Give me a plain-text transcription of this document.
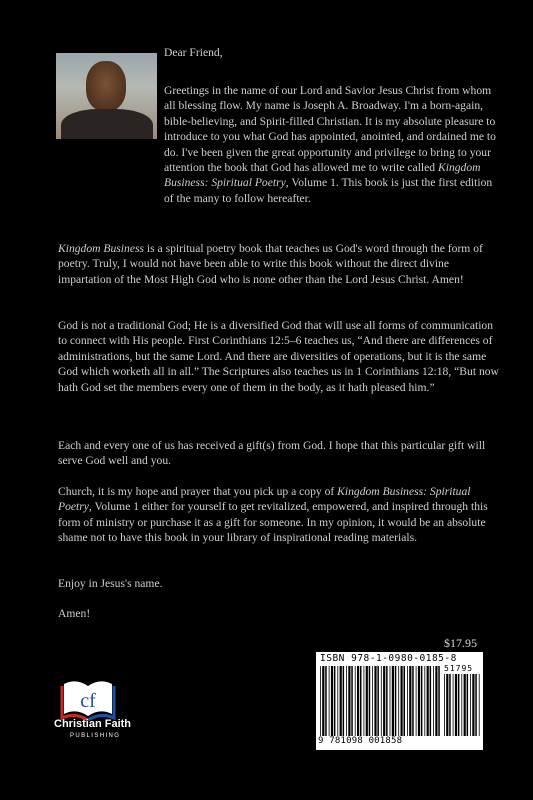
Dear Friend,
Greetings in the name of our Lord and Savior Jesus Christ from whom all blessing flow. My name is Joseph A. Broadway. I'm a born-again, bible-believing, and Spirit-filled Christian. It is my absolute pleasure to introduce to you what God has appointed, anointed, and ordained me to do. I've been given the great opportunity and privilege to bring to your attention the book that God has allowed me to write called Kingdom Business: Spiritual Poetry, Volume 1. This book is just the first edition of the many to follow hereafter.
Kingdom Business is a spiritual poetry book that teaches us God's word through the form of poetry. Truly, I would not have been able to write this book without the direct divine impartation of the Most High God who is none other than the Lord Jesus Christ. Amen!
God is not a traditional God; He is a diversified God that will use all forms of communication to connect with His people. First Corinthians 12:5–6 teaches us, “And there are differences of administrations, but the same Lord. And there are diversities of operations, but it is the same God which worketh all in all.” The Scriptures also teaches us in 1 Corinthians 12:18, “But now hath God set the members every one of them in the body, as it hath pleased him.”
Each and every one of us has received a gift(s) from God. I hope that this particular gift will serve God well and you.
Church, it is my hope and prayer that you pick up a copy of Kingdom Business: Spiritual Poetry, Volume 1 either for yourself to get revitalized, empowered, and inspired through this form of ministry or purchase it as a gift for someone. In my opinion, it would be an absolute shame not to have this book in your library of inspirational reading materials.
Enjoy in Jesus's name.
Amen!
$17.95
ISBN 978-1-0980-0185-8
51795
9 781098 001858
cf
Christian Faith
PUBLISHING
